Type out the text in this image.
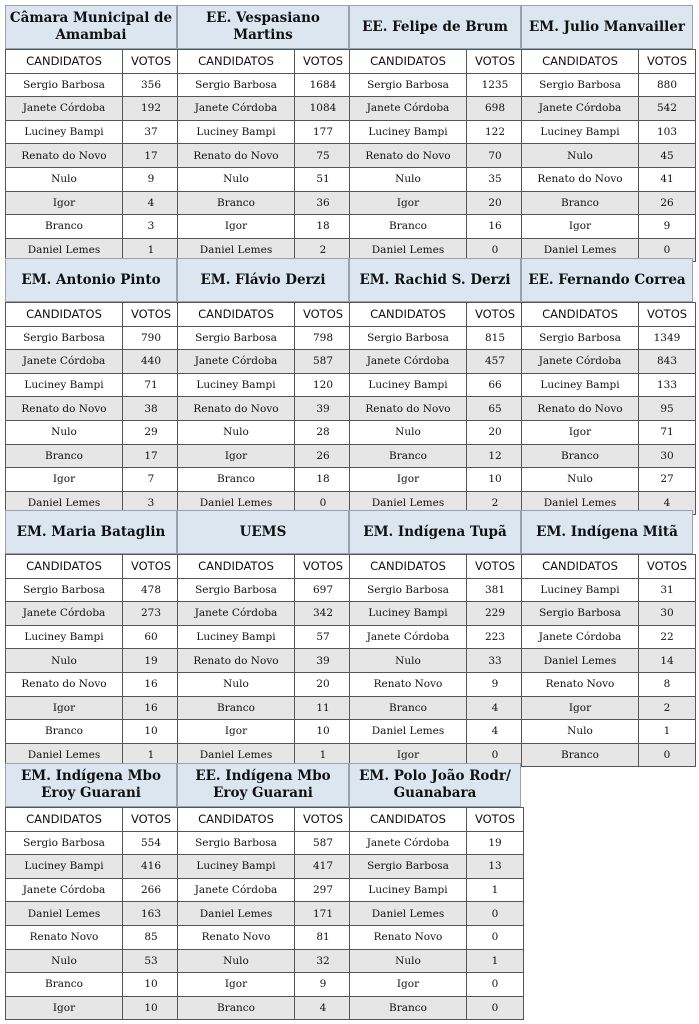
Câmara Municipal de Amambai
CANDIDATOS	VOTOS
Sergio Barbosa	356
Janete Córdoba	192
Luciney Bampi	37
Renato do Novo	17
Nulo	9
Igor	4
Branco	3
Daniel Lemes	1
EE. Vespasiano Martins
CANDIDATOS	VOTOS
Sergio Barbosa	1684
Janete Córdoba	1084
Luciney Bampi	177
Renato do Novo	75
Nulo	51
Branco	36
Igor	18
Daniel Lemes	2
EE. Felipe de Brum
CANDIDATOS	VOTOS
Sergio Barbosa	1235
Janete Córdoba	698
Luciney Bampi	122
Renato do Novo	70
Nulo	35
Igor	20
Branco	16
Daniel Lemes	0
EM. Julio Manvailler
CANDIDATOS	VOTOS
Sergio Barbosa	880
Janete Córdoba	542
Luciney Bampi	103
Nulo	45
Renato do Novo	41
Branco	26
Igor	9
Daniel Lemes	0
EM. Antonio Pinto
CANDIDATOS	VOTOS
Sergio Barbosa	790
Janete Córdoba	440
Luciney Bampi	71
Renato do Novo	38
Nulo	29
Branco	17
Igor	7
Daniel Lemes	3
EM. Flávio Derzi
CANDIDATOS	VOTOS
Sergio Barbosa	798
Janete Córdoba	587
Luciney Bampi	120
Renato do Novo	39
Nulo	28
Igor	26
Branco	18
Daniel Lemes	0
EM. Rachid S. Derzi
CANDIDATOS	VOTOS
Sergio Barbosa	815
Janete Córdoba	457
Luciney Bampi	66
Renato do Novo	65
Nulo	20
Branco	12
Igor	10
Daniel Lemes	2
EE. Fernando Correa
CANDIDATOS	VOTOS
Sergio Barbosa	1349
Janete Córdoba	843
Luciney Bampi	133
Renato do Novo	95
Igor	71
Branco	30
Nulo	27
Daniel Lemes	4
EM. Maria Bataglin
CANDIDATOS	VOTOS
Sergio Barbosa	478
Janete Córdoba	273
Luciney Bampi	60
Nulo	19
Renato do Novo	16
Igor	16
Branco	10
Daniel Lemes	1
UEMS
CANDIDATOS	VOTOS
Sergio Barbosa	697
Janete Córdoba	342
Luciney Bampi	57
Renato do Novo	39
Nulo	20
Branco	11
Igor	10
Daniel Lemes	1
EM. Indígena Tupã
CANDIDATOS	VOTOS
Sergio Barbosa	381
Luciney Bampi	229
Janete Córdoba	223
Nulo	33
Renato Novo	9
Branco	4
Daniel Lemes	4
Igor	0
EM. Indígena Mitã
CANDIDATOS	VOTOS
Luciney Bampi	31
Sergio Barbosa	30
Janete Córdoba	22
Daniel Lemes	14
Renato Novo	8
Igor	2
Nulo	1
Branco	0
EM. Indígena Mbo Eroy Guarani
CANDIDATOS	VOTOS
Sergio Barbosa	554
Luciney Bampi	416
Janete Córdoba	266
Daniel Lemes	163
Renato Novo	85
Nulo	53
Branco	10
Igor	10
EE. Indígena Mbo Eroy Guarani
CANDIDATOS	VOTOS
Sergio Barbosa	587
Luciney Bampi	417
Janete Córdoba	297
Daniel Lemes	171
Renato Novo	81
Nulo	32
Igor	9
Branco	4
EM. Polo João Rodr/ Guanabara
CANDIDATOS	VOTOS
Janete Córdoba	19
Sergio Barbosa	13
Luciney Bampi	1
Daniel Lemes	0
Renato Novo	0
Nulo	1
Igor	0
Branco	0
